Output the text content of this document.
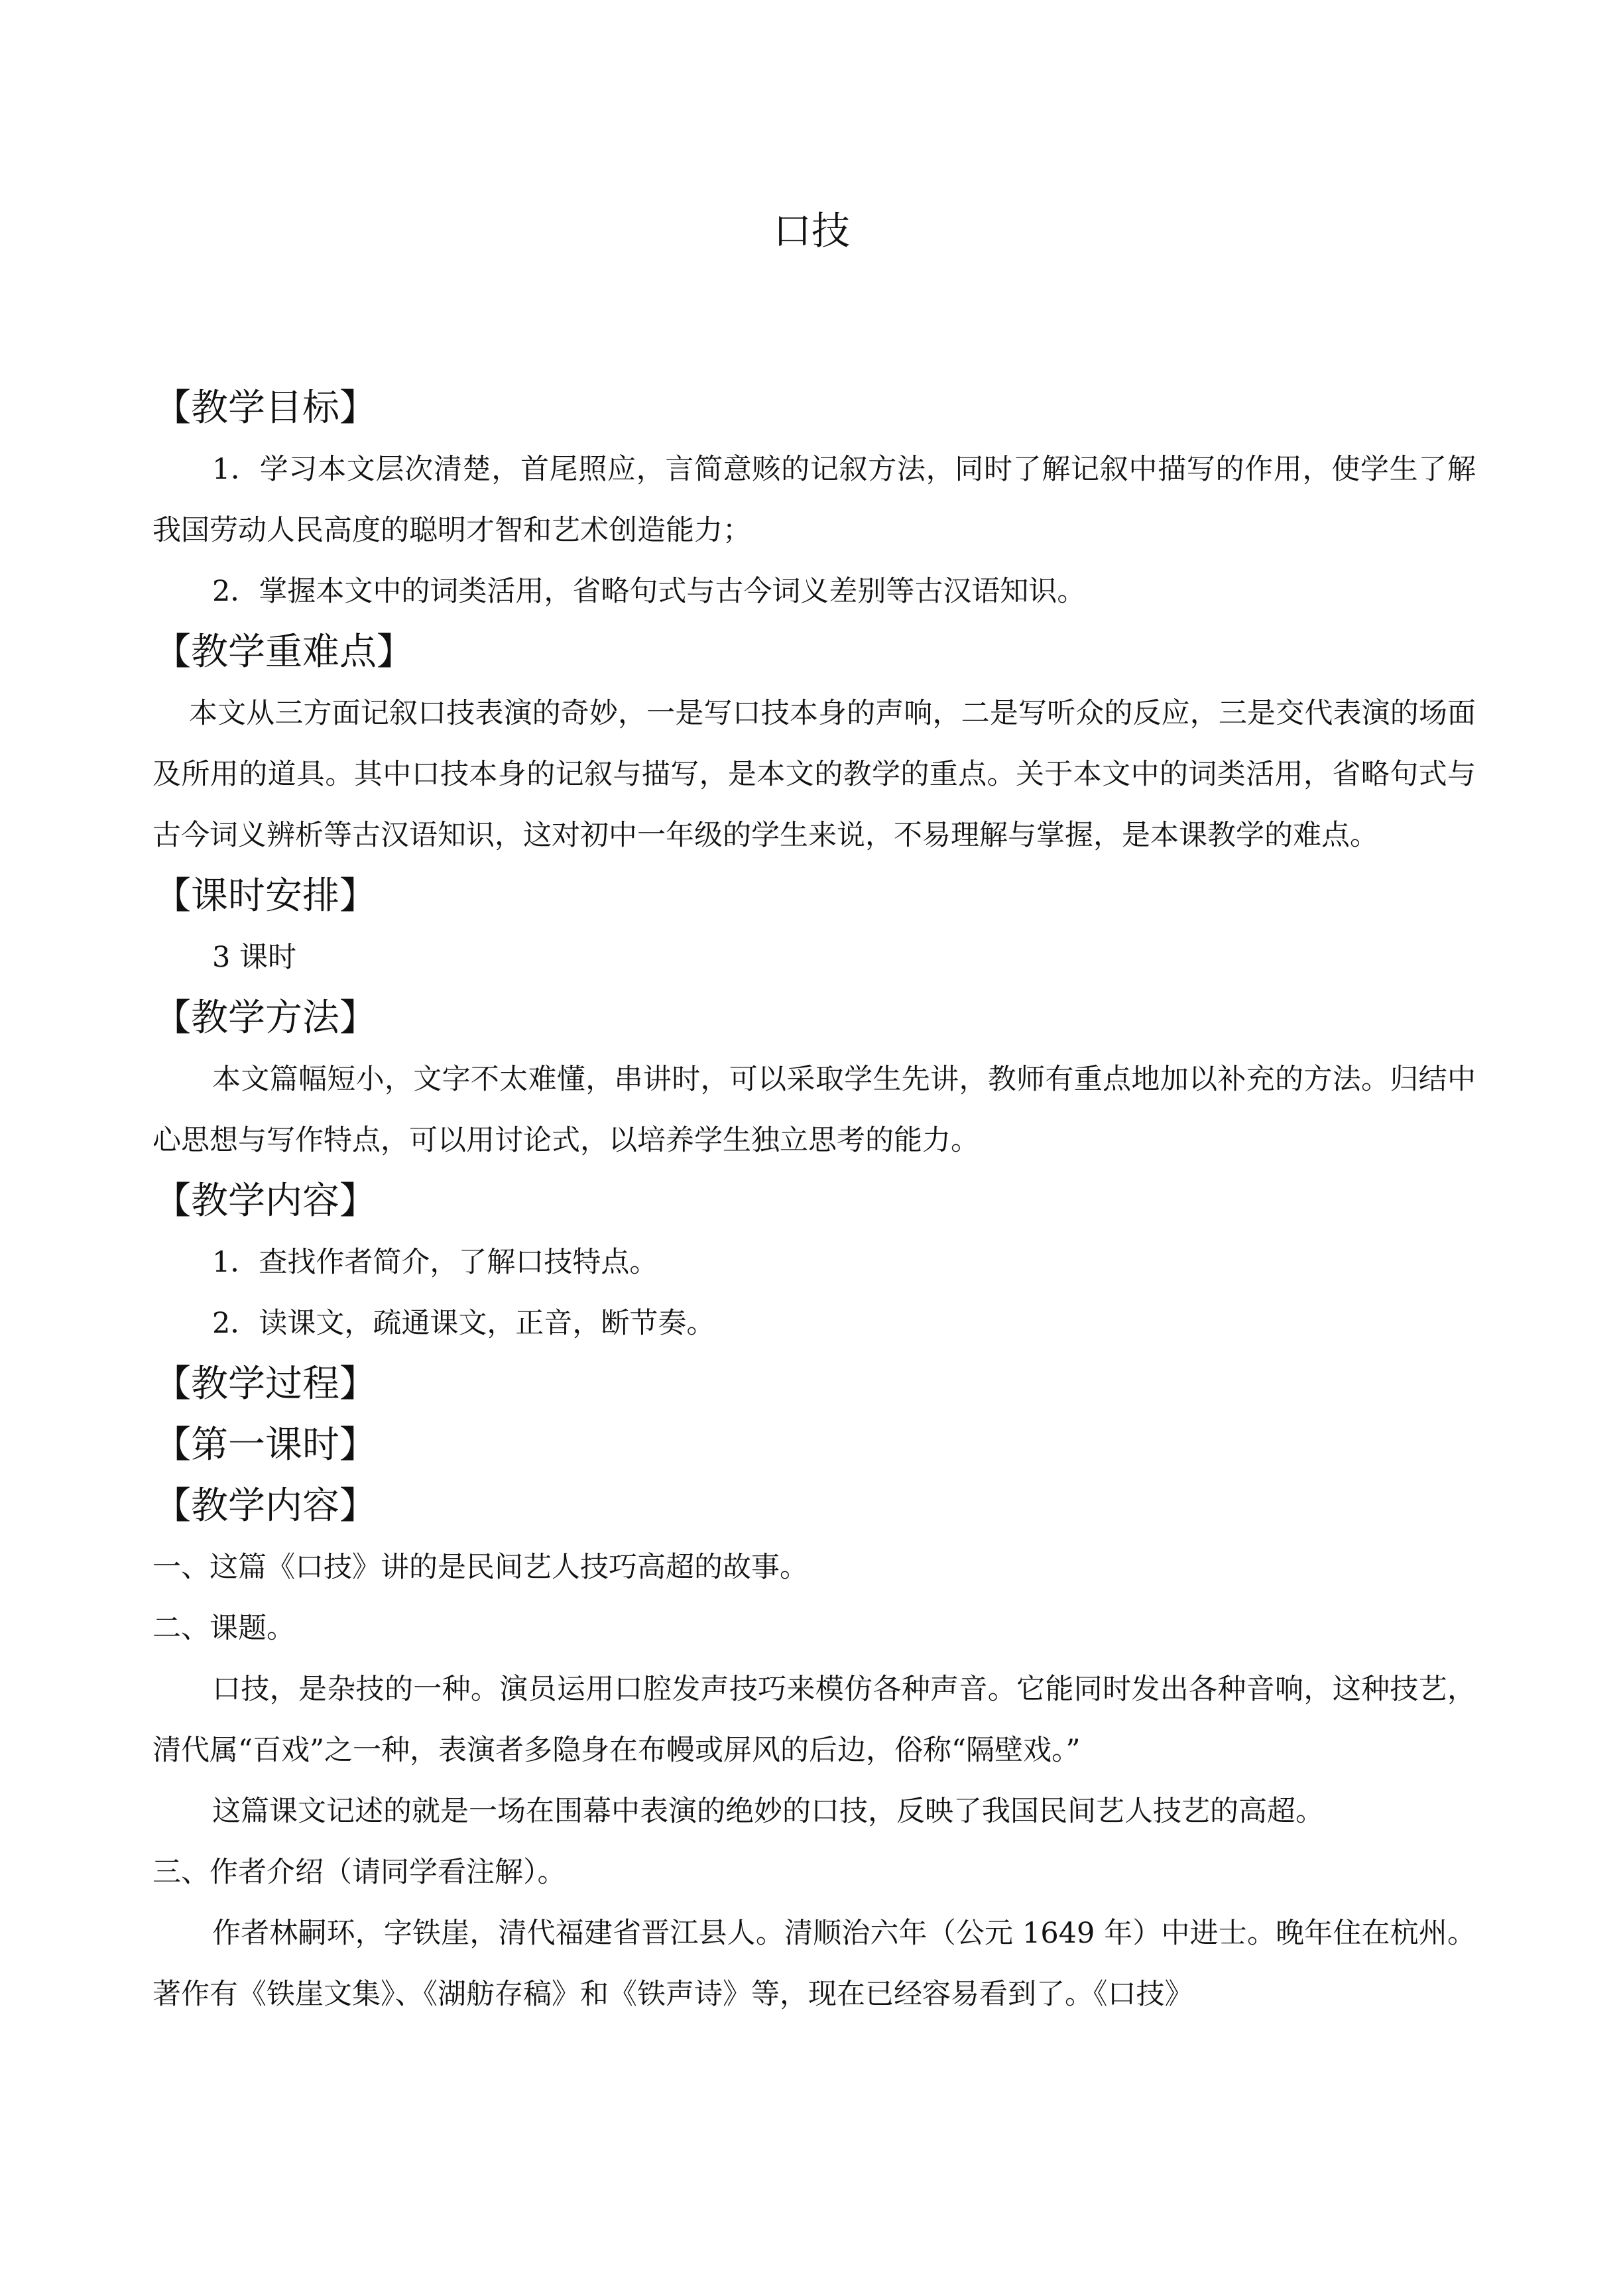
口技
【教学目标】

1．学习本文层次清楚，首尾照应，言简意赅的记叙方法，同时了解记叙中描写的作用，使学生了解我国劳动人民高度的聪明才智和艺术创造能力；

2．掌握本文中的词类活用，省略句式与古今词义差别等古汉语知识。

【教学重难点】

本文从三方面记叙口技表演的奇妙，一是写口技本身的声响，二是写听众的反应，三是交代表演的场面及所用的道具。其中口技本身的记叙与描写，是本文的教学的重点。关于本文中的词类活用，省略句式与古今词义辨析等古汉语知识，这对初中一年级的学生来说，不易理解与掌握，是本课教学的难点。

【课时安排】

3 课时

【教学方法】

本文篇幅短小，文字不太难懂，串讲时，可以采取学生先讲，教师有重点地加以补充的方法。归结中心思想与写作特点，可以用讨论式，以培养学生独立思考的能力。

【教学内容】

1．查找作者简介，了解口技特点。

2．读课文，疏通课文，正音，断节奏。

【教学过程】
【第一课时】
【教学内容】

一、这篇《口技》讲的是民间艺人技巧高超的故事。

二、课题。

口技，是杂技的一种。演员运用口腔发声技巧来模仿各种声音。它能同时发出各种音响，这种技艺，清代属“百戏”之一种，表演者多隐身在布幔或屏风的后边，俗称“隔壁戏。”

这篇课文记述的就是一场在围幕中表演的绝妙的口技，反映了我国民间艺人技艺的高超。

三、作者介绍（请同学看注解）。

作者林嗣环，字铁崖，清代福建省晋江县人。清顺治六年（公元 1649 年）中进士。晚年住在杭州。著作有《铁崖文集》、《湖舫存稿》和《铁声诗》等，现在已经容易看到了。《口技》
